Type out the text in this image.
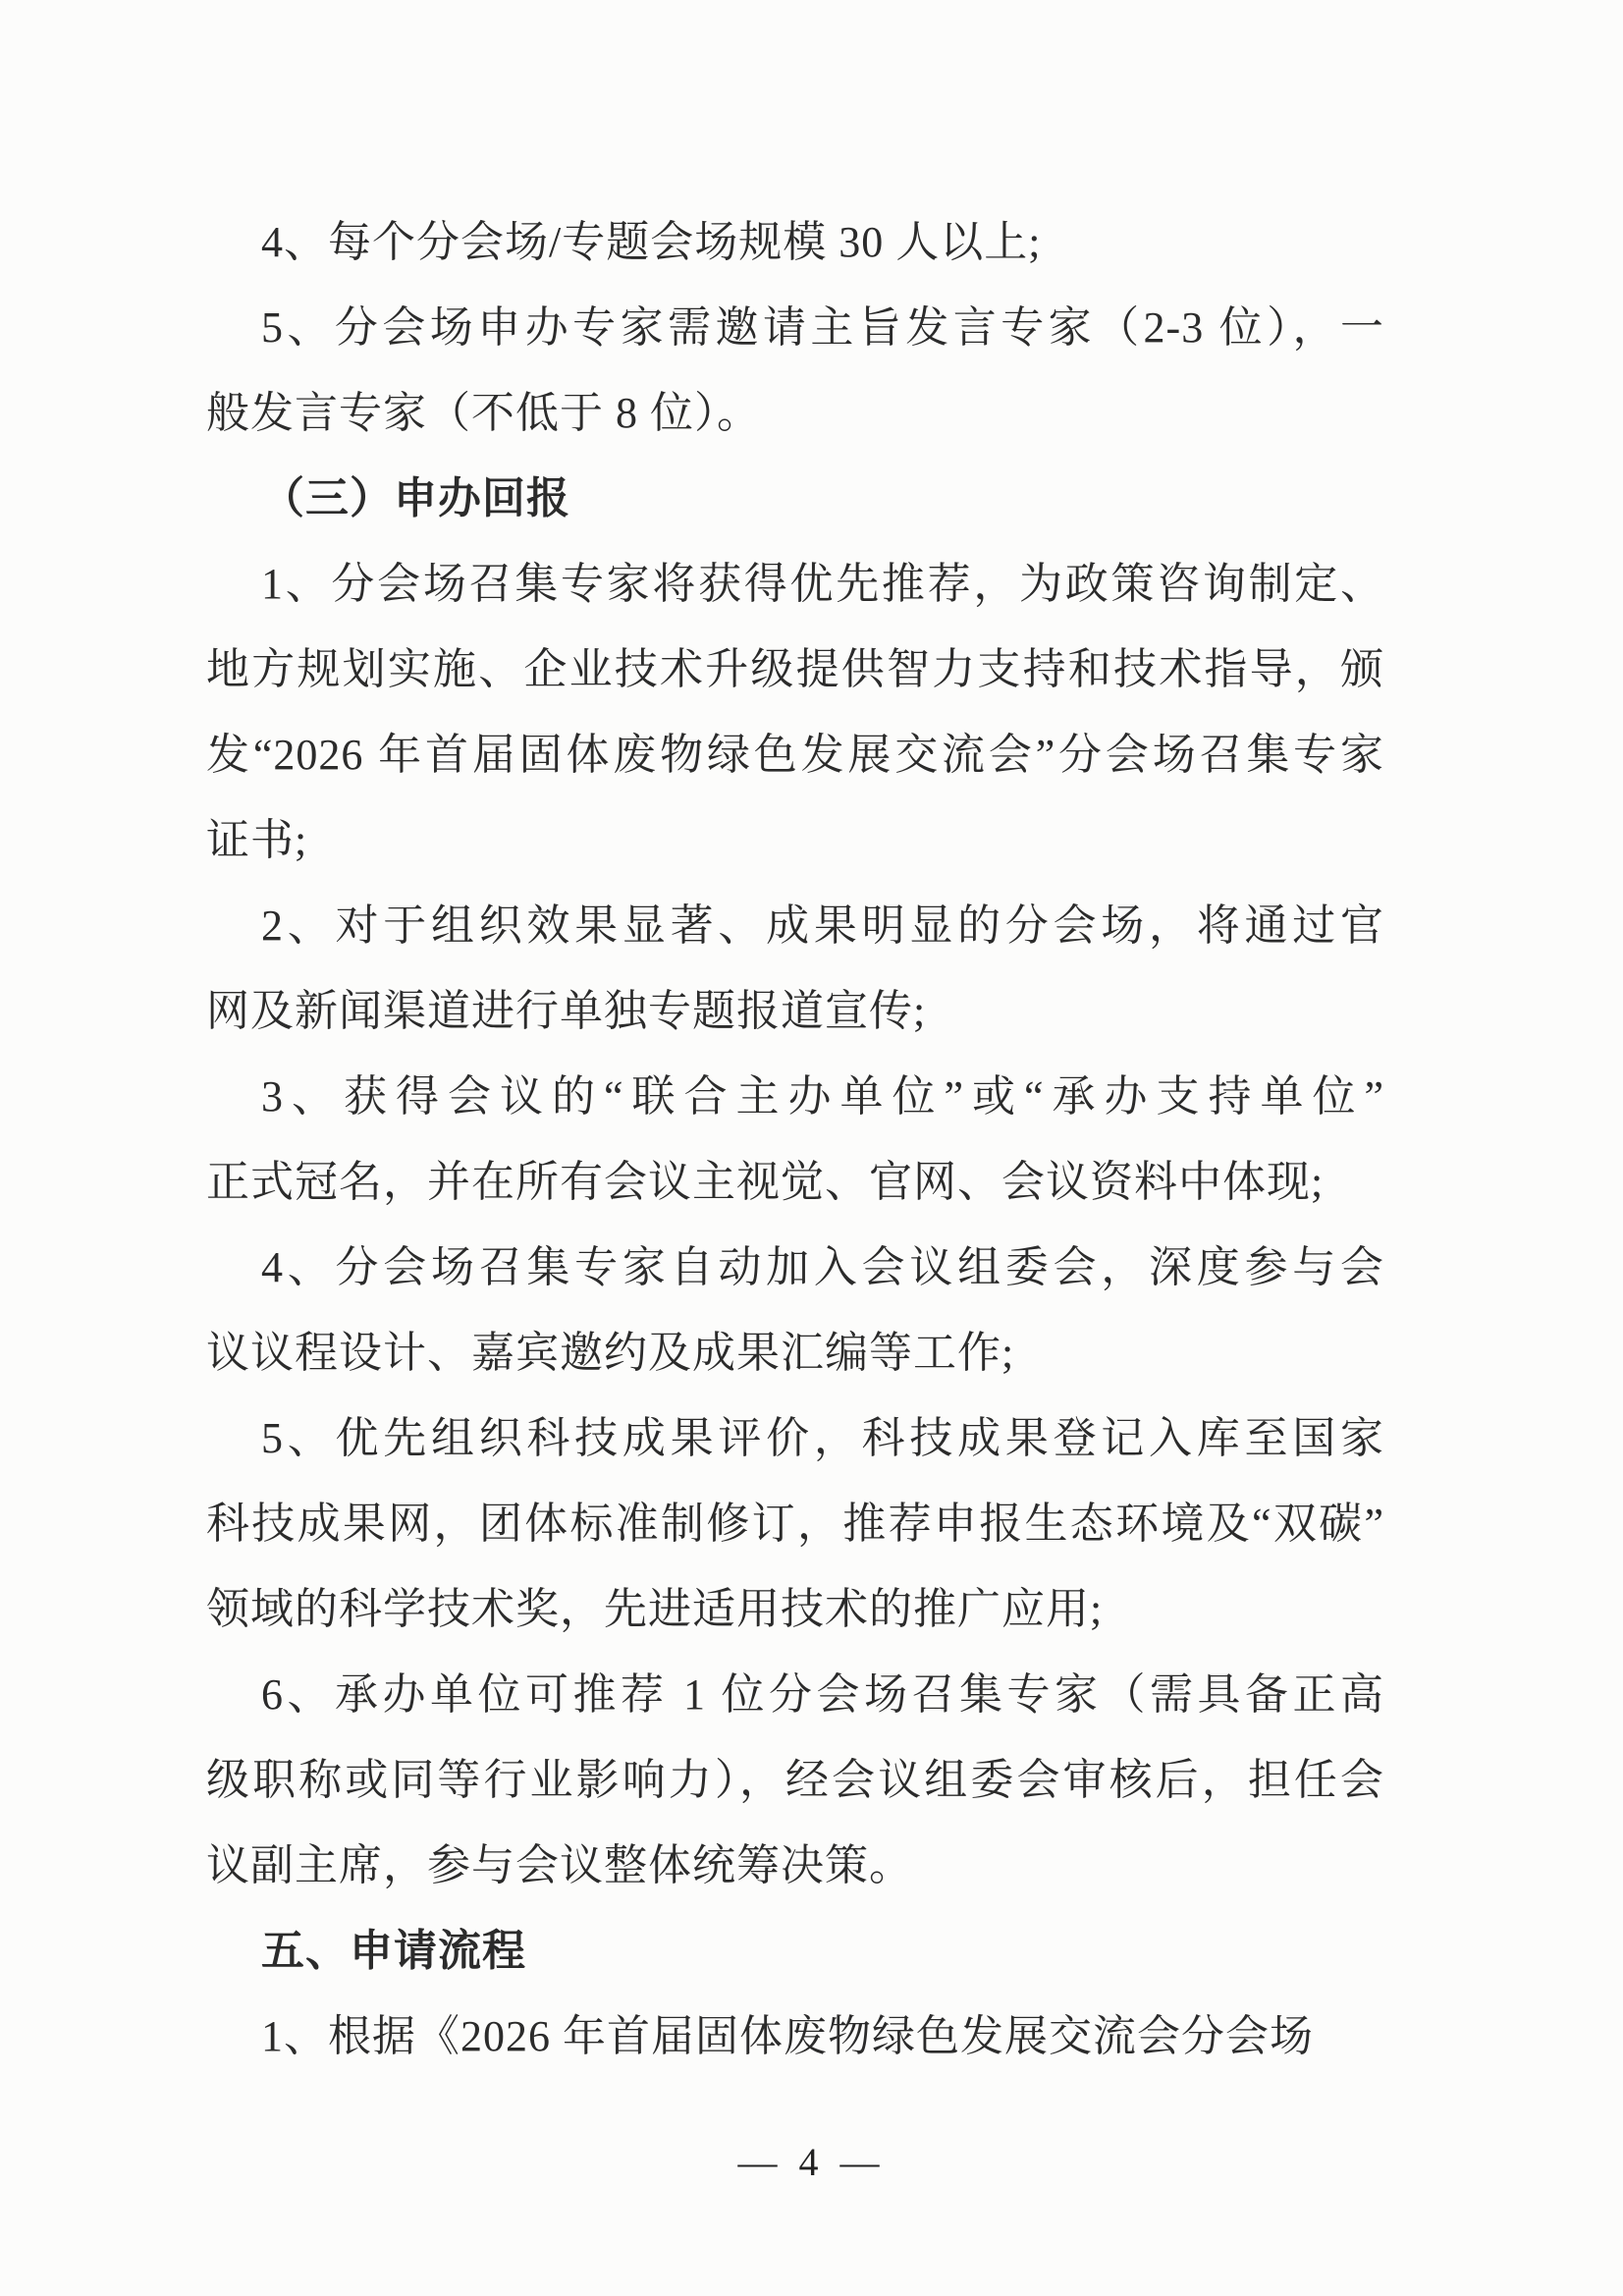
4、每个分会场/专题会场规模 30 人以上;
5、分会场申办专家需邀请主旨发言专家（2-3 位），一
般发言专家（不低于 8 位）。
（三）申办回报
1、分会场召集专家将获得优先推荐，为政策咨询制定、
地方规划实施、企业技术升级提供智力支持和技术指导，颁
发“2026 年首届固体废物绿色发展交流会”分会场召集专家
证书;
2、对于组织效果显著、成果明显的分会场，将通过官
网及新闻渠道进行单独专题报道宣传;
3、获得会议的“联合主办单位”或“承办支持单位”
正式冠名，并在所有会议主视觉、官网、会议资料中体现;
4、分会场召集专家自动加入会议组委会，深度参与会
议议程设计、嘉宾邀约及成果汇编等工作;
5、优先组织科技成果评价，科技成果登记入库至国家
科技成果网，团体标准制修订，推荐申报生态环境及“双碳”
领域的科学技术奖，先进适用技术的推广应用;
6、承办单位可推荐 1 位分会场召集专家（需具备正高
级职称或同等行业影响力），经会议组委会审核后，担任会
议副主席，参与会议整体统筹决策。
五、申请流程
1、根据《2026 年首届固体废物绿色发展交流会分会场
— 4 —
